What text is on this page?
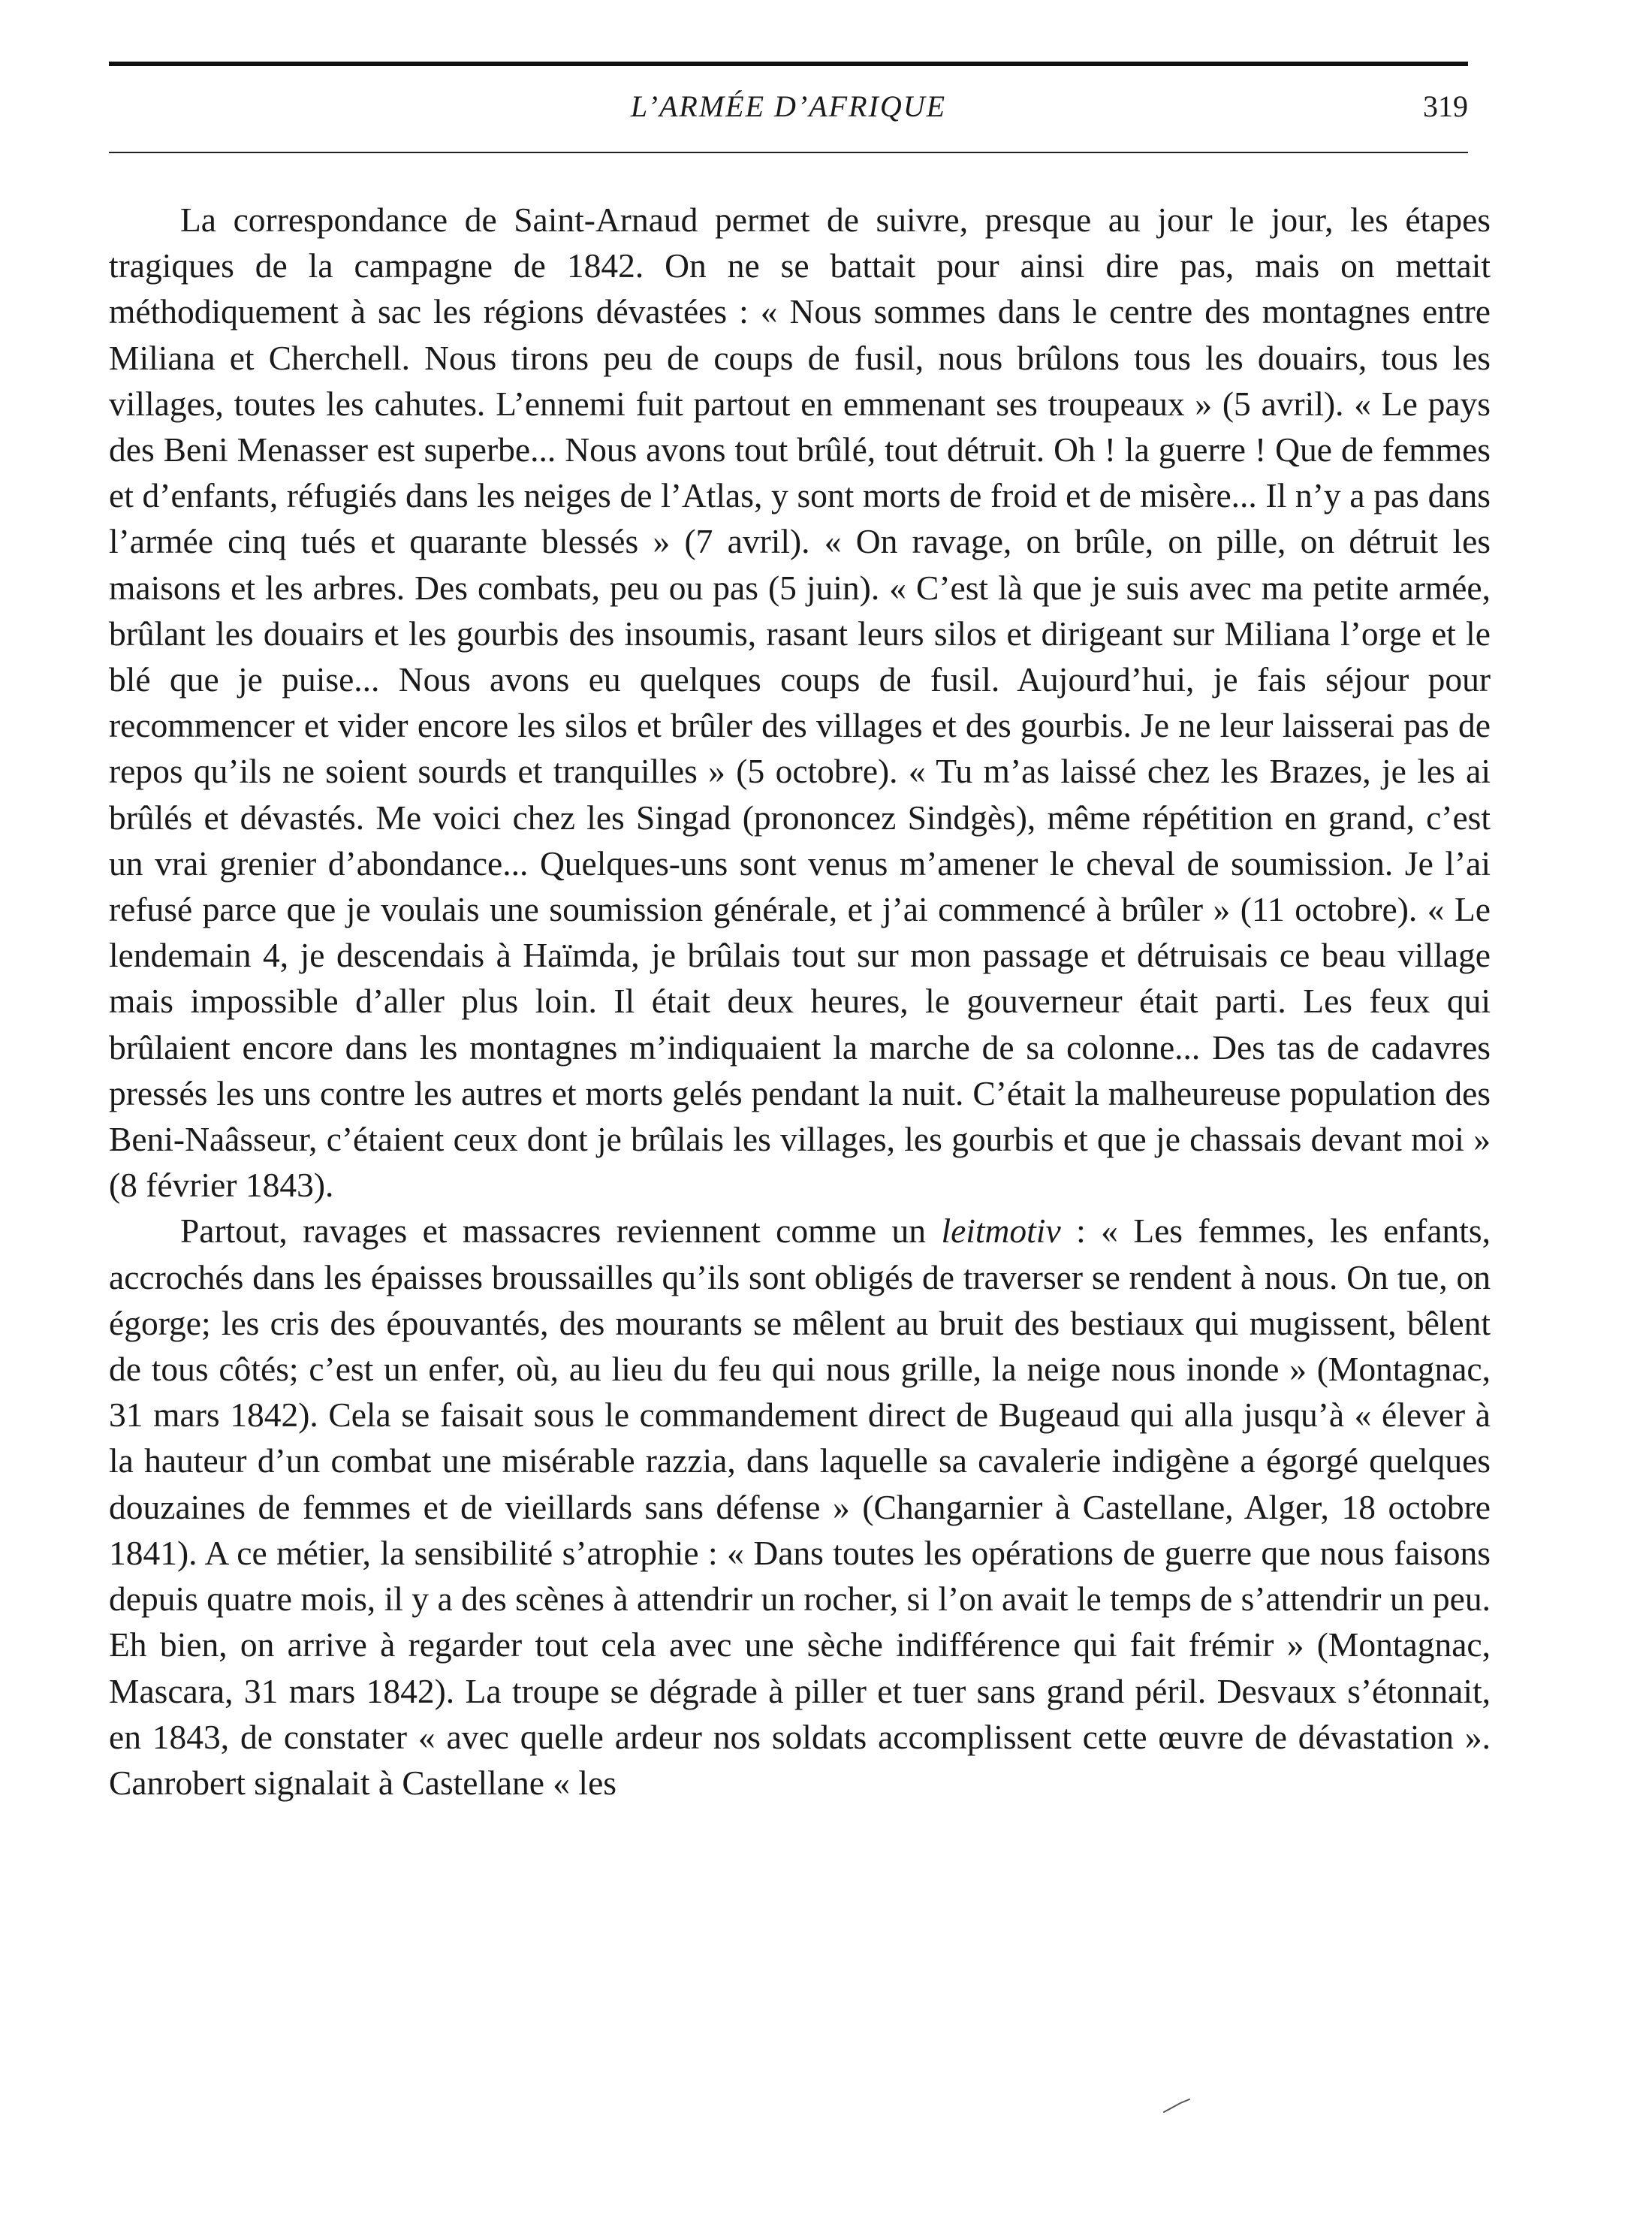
L’ARMÉE D’AFRIQUE	319

La correspondance de Saint-Arnaud permet de suivre, presque au jour le jour, les étapes tragiques de la campagne de 1842. On ne se battait pour ainsi dire pas, mais on mettait méthodiquement à sac les régions dévastées : « Nous sommes dans le centre des montagnes entre Miliana et Cherchell. Nous tirons peu de coups de fusil, nous brûlons tous les douairs, tous les villages, toutes les cahutes. L’ennemi fuit partout en emmenant ses troupeaux » (5 avril). « Le pays des Beni Menasser est superbe... Nous avons tout brûlé, tout détruit. Oh ! la guerre ! Que de femmes et d’enfants, réfugiés dans les neiges de l’Atlas, y sont morts de froid et de misère... Il n’y a pas dans l’armée cinq tués et quarante blessés » (7 avril). « On ravage, on brûle, on pille, on détruit les maisons et les arbres. Des combats, peu ou pas (5 juin). « C’est là que je suis avec ma petite armée, brûlant les douairs et les gourbis des insoumis, rasant leurs silos et dirigeant sur Miliana l’orge et le blé que je puise... Nous avons eu quelques coups de fusil. Aujourd’hui, je fais séjour pour recommencer et vider encore les silos et brûler des villages et des gourbis. Je ne leur laisserai pas de repos qu’ils ne soient sourds et tranquilles » (5 octobre). « Tu m’as laissé chez les Brazes, je les ai brûlés et dévastés. Me voici chez les Singad (prononcez Sindgès), même répétition en grand, c’est un vrai grenier d’abondance... Quelques-uns sont venus m’amener le cheval de soumission. Je l’ai refusé parce que je voulais une soumission générale, et j’ai commencé à brûler » (11 octobre). « Le lendemain 4, je descendais à Haïmda, je brûlais tout sur mon passage et détruisais ce beau village mais impossible d’aller plus loin. Il était deux heures, le gouverneur était parti. Les feux qui brûlaient encore dans les montagnes m’indiquaient la marche de sa colonne... Des tas de cadavres pressés les uns contre les autres et morts gelés pendant la nuit. C’était la malheureuse population des Beni-Naâsseur, c’étaient ceux dont je brûlais les villages, les gourbis et que je chassais devant moi » (8 février 1843).

Partout, ravages et massacres reviennent comme un leitmotiv : « Les femmes, les enfants, accrochés dans les épaisses broussailles qu’ils sont obligés de traverser se rendent à nous. On tue, on égorge; les cris des épouvantés, des mourants se mêlent au bruit des bestiaux qui mugissent, bêlent de tous côtés; c’est un enfer, où, au lieu du feu qui nous grille, la neige nous inonde » (Montagnac, 31 mars 1842). Cela se faisait sous le commandement direct de Bugeaud qui alla jusqu’à « élever à la hauteur d’un combat une misérable razzia, dans laquelle sa cavalerie indigène a égorgé quelques douzaines de femmes et de vieillards sans défense » (Changarnier à Castellane, Alger, 18 octobre 1841). A ce métier, la sensibilité s’atrophie : « Dans toutes les opérations de guerre que nous faisons depuis quatre mois, il y a des scènes à attendrir un rocher, si l’on avait le temps de s’attendrir un peu. Eh bien, on arrive à regarder tout cela avec une sèche indifférence qui fait frémir » (Montagnac, Mascara, 31 mars 1842). La troupe se dégrade à piller et tuer sans grand péril. Desvaux s’étonnait, en 1843, de constater « avec quelle ardeur nos soldats accomplissent cette œuvre de dévastation ». Canrobert signalait à Castellane « les
